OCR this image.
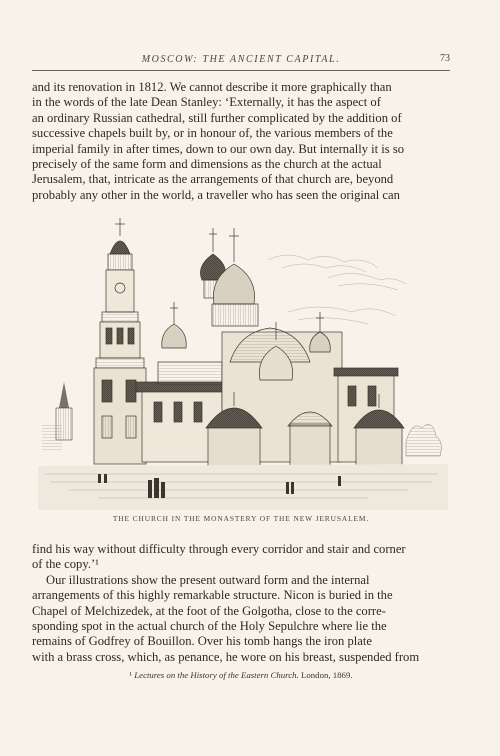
MOSCOW: THE ANCIENT CAPITAL.	73

and its renovation in 1812. We cannot describe it more graphically than
in the words of the late Dean Stanley: ‘Externally, it has the aspect of
an ordinary Russian cathedral, still further complicated by the addition of
successive chapels built by, or in honour of, the various members of the
imperial family in after times, down to our own day. But internally it is so
precisely of the same form and dimensions as the church at the actual
Jerusalem, that, intricate as the arrangements of that church are, beyond
probably any other in the world, a traveller who has seen the original can

THE CHURCH IN THE MONASTERY OF THE NEW JERUSALEM.

find his way without difficulty through every corridor and stair and corner
of the copy.’¹
Our illustrations show the present outward form and the internal
arrangements of this highly remarkable structure. Nicon is buried in the
Chapel of Melchizedek, at the foot of the Golgotha, close to the corre-
sponding spot in the actual church of the Holy Sepulchre where lie the
remains of Godfrey of Bouillon. Over his tomb hangs the iron plate
with a brass cross, which, as penance, he wore on his breast, suspended from

¹ Lectures on the History of the Eastern Church. London, 1869.
